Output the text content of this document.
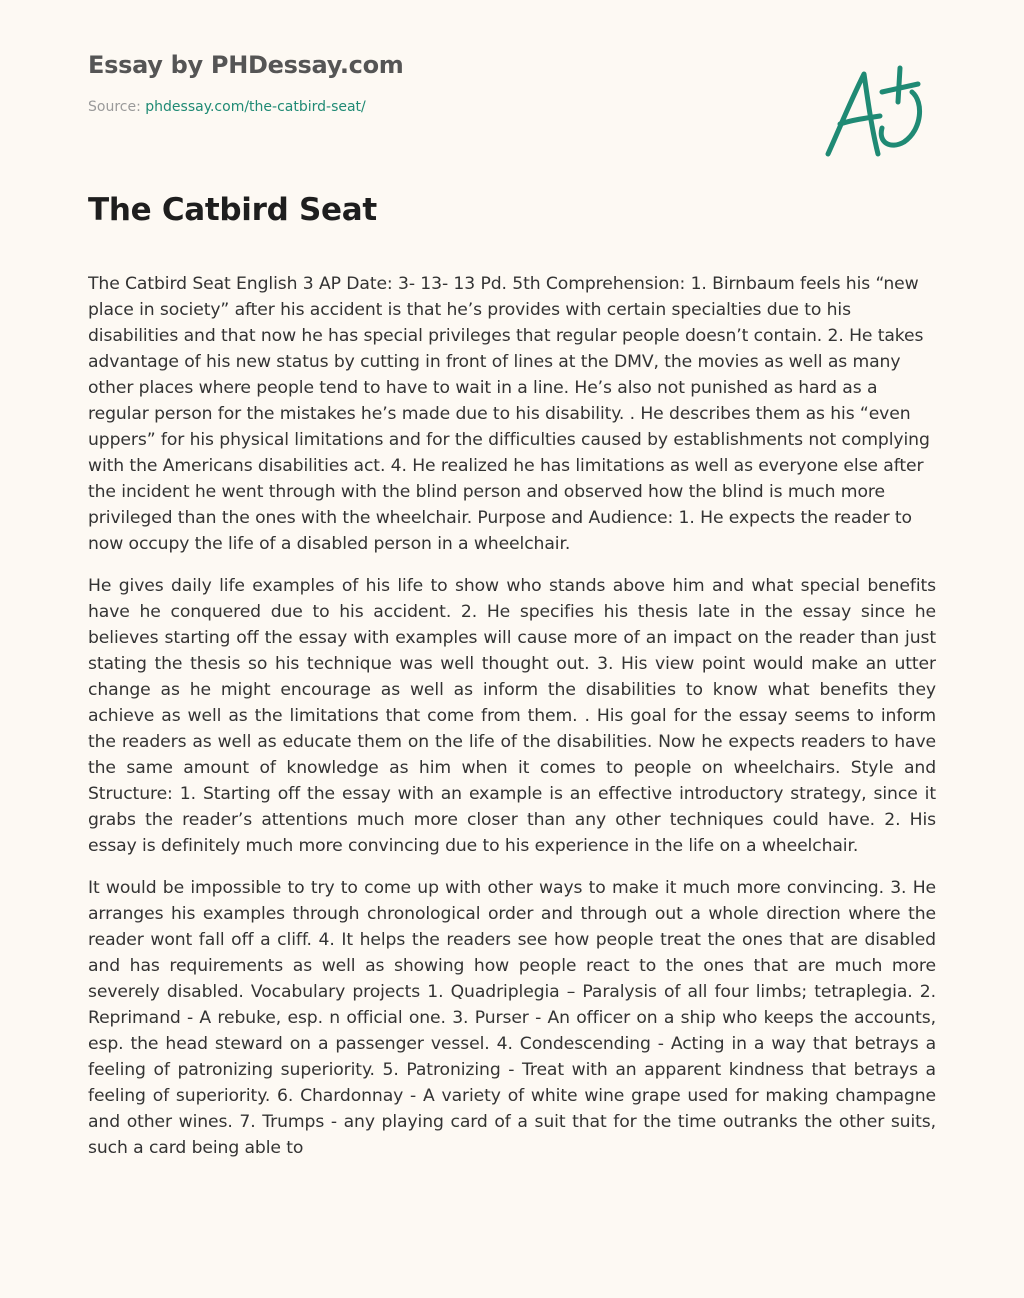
Essay by PHDessay.com
Source: phdessay.com/the-catbird-seat/
The Catbird Seat

The Catbird Seat English 3 AP Date: 3- 13- 13 Pd. 5th Comprehension: 1. Birnbaum feels his “new place in society” after his accident is that he’s provides with certain specialties due to his disabilities and that now he has special privileges that regular people doesn’t contain. 2. He takes advantage of his new status by cutting in front of lines at the DMV, the movies as well as many other places where people tend to have to wait in a line. He’s also not punished as hard as a regular person for the mistakes he’s made due to his disability. . He describes them as his “even uppers” for his physical limitations and for the difficulties caused by establishments not complying with the Americans disabilities act. 4. He realized he has limitations as well as everyone else after the incident he went through with the blind person and observed how the blind is much more privileged than the ones with the wheelchair. Purpose and Audience: 1. He expects the reader to now occupy the life of a disabled person in a wheelchair.

He gives daily life examples of his life to show who stands above him and what special benefits have he conquered due to his accident. 2. He specifies his thesis late in the essay since he believes starting off the essay with examples will cause more of an impact on the reader than just stating the thesis so his technique was well thought out. 3. His view point would make an utter change as he might encourage as well as inform the disabilities to know what benefits they achieve as well as the limitations that come from them. . His goal for the essay seems to inform the readers as well as educate them on the life of the disabilities. Now he expects readers to have the same amount of knowledge as him when it comes to people on wheelchairs. Style and Structure: 1. Starting off the essay with an example is an effective introductory strategy, since it grabs the reader’s attentions much more closer than any other techniques could have. 2. His essay is definitely much more convincing due to his experience in the life on a wheelchair.

It would be impossible to try to come up with other ways to make it much more convincing. 3. He arranges his examples through chronological order and through out a whole direction where the reader wont fall off a cliff. 4. It helps the readers see how people treat the ones that are disabled and has requirements as well as showing how people react to the ones that are much more severely disabled. Vocabulary projects 1. Quadriplegia – Paralysis of all four limbs; tetraplegia. 2. Reprimand - A rebuke, esp. n official one. 3. Purser - An officer on a ship who keeps the accounts, esp. the head steward on a passenger vessel. 4. Condescending - Acting in a way that betrays a feeling of patronizing superiority. 5. Patronizing - Treat with an apparent kindness that betrays a feeling of superiority. 6. Chardonnay - A variety of white wine grape used for making champagne and other wines. 7. Trumps - any playing card of a suit that for the time outranks the other suits, such a card being able to
